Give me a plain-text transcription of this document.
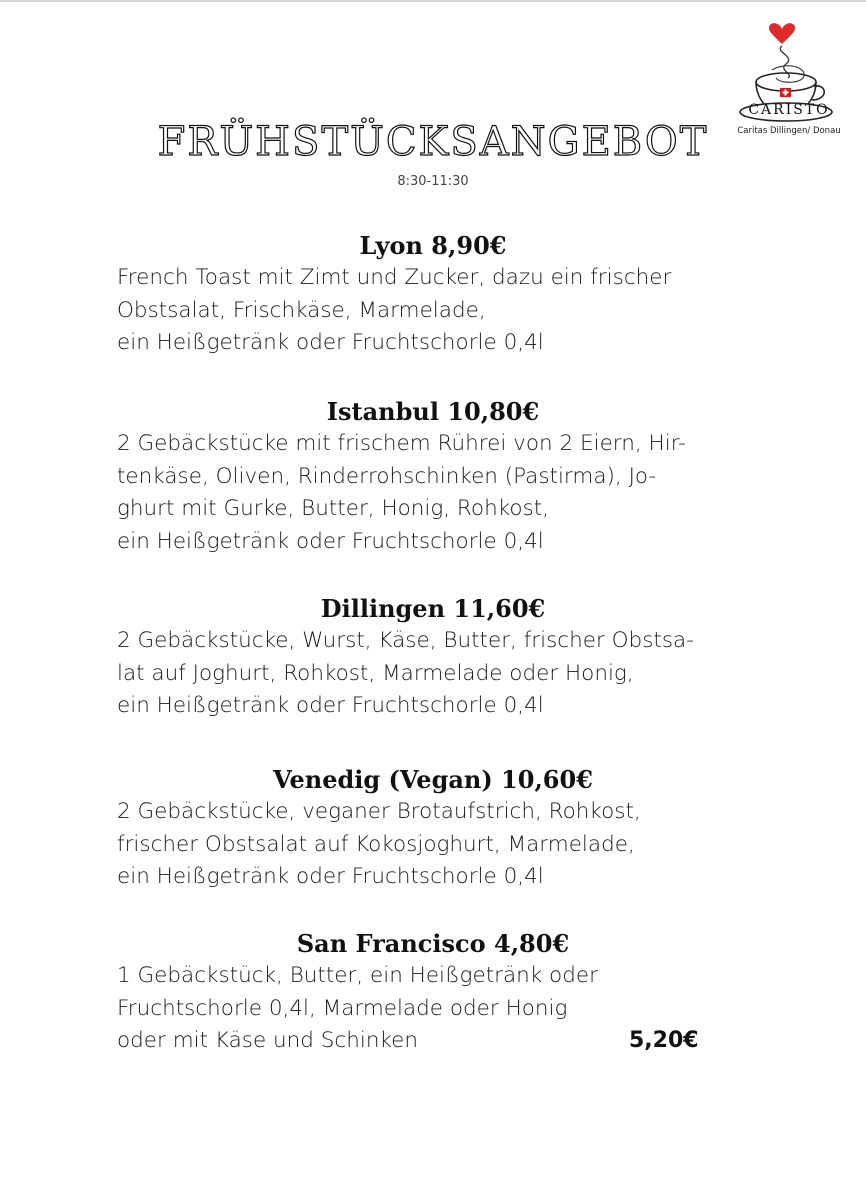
CARISTO
Caritas Dillingen/ Donau
FRÜHSTÜCKSANGEBOT
8:30-11:30

Lyon 8,90€

French Toast mit Zimt und Zucker, dazu ein frischer
Obstsalat, Frischkäse, Marmelade,
ein Heißgetränk oder Fruchtschorle 0,4l

Istanbul 10,80€

2 Gebäckstücke mit frischem Rührei von 2 Eiern, Hir-
tenkäse, Oliven, Rinderrohschinken (Pastirma), Jo-
ghurt mit Gurke, Butter, Honig, Rohkost,
ein Heißgetränk oder Fruchtschorle 0,4l

Dillingen 11,60€

2 Gebäckstücke, Wurst, Käse, Butter, frischer Obstsa-
lat auf Joghurt, Rohkost, Marmelade oder Honig,
ein Heißgetränk oder Fruchtschorle 0,4l

Venedig (Vegan) 10,60€

2 Gebäckstücke, veganer Brotaufstrich, Rohkost,
frischer Obstsalat auf Kokosjoghurt, Marmelade,
ein Heißgetränk oder Fruchtschorle 0,4l

San Francisco 4,80€

1 Gebäckstück, Butter, ein Heißgetränk oder
Fruchtschorle 0,4l, Marmelade oder Honig
oder mit Käse und Schinken	5,20€
